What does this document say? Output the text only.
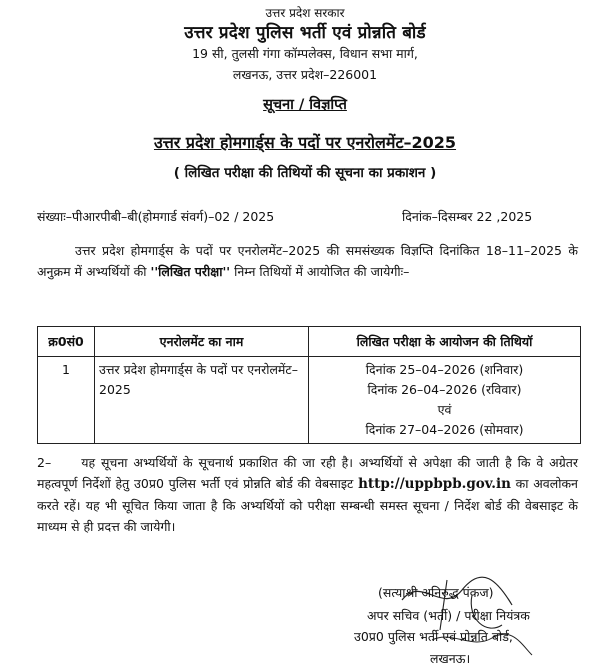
उत्तर प्रदेश सरकार
उत्तर प्रदेश पुलिस भर्ती एवं प्रोन्नति बोर्ड
19 सी, तुलसी गंगा कॉम्पलेक्स, विधान सभा मार्ग,
लखनऊ, उत्तर प्रदेश–226001
सूचना / विज्ञप्ति
उत्तर प्रदेश होमगार्ड्स के पदों पर एनरोलमेंट–2025
( लिखित परीक्षा की तिथियों की सूचना का प्रकाशन )
संख्याः–पीआरपीबी–बी(होमगार्ड संवर्ग)–02 / 2025	दिनांक–दिसम्बर 22 ,2025
उत्तर प्रदेश होमगार्ड्स के पदों पर एनरोलमेंट–2025 की समसंख्यक विज्ञप्ति दिनांकित 18–11–2025 के अनुक्रम में अभ्यर्थियों की ''लिखित परीक्षा'' निम्न तिथियों में आयोजित की जायेगीः–
क्र0सं0	एनरोलमेंट का नाम	लिखित परीक्षा के आयोजन की तिथियॉ
1	उत्तर प्रदेश होमगार्ड्स के पदों पर एनरोलमेंट–2025	दिनांक 25–04–2026 (शनिवार)
दिनांक 26–04–2026 (रविवार)
एवं
दिनांक 27–04–2026 (सोमवार)
2– यह सूचना अभ्यर्थियों के सूचनार्थ प्रकाशित की जा रही है। अभ्यर्थियों से अपेक्षा की जाती है कि वे अग्रेतर महत्वपूर्ण निर्देशों हेतु उ0प्र0 पुलिस भर्ती एवं प्रोन्नति बोर्ड की वेबसाइट http://uppbpb.gov.in का अवलोकन करते रहें। यह भी सूचित किया जाता है कि अभ्यर्थियों को परीक्षा सम्बन्धी समस्त सूचना / निर्देश बोर्ड की वेबसाइट के माध्यम से ही प्रदत्त की जायेगी।
(सत्याश्री अनिरुद्ध पंकज)
अपर सचिव (भर्ती) / परीक्षा नियंत्रक
उ0प्र0 पुलिस भर्ती एवं प्रोन्नति बोर्ड,
लखनऊ।
